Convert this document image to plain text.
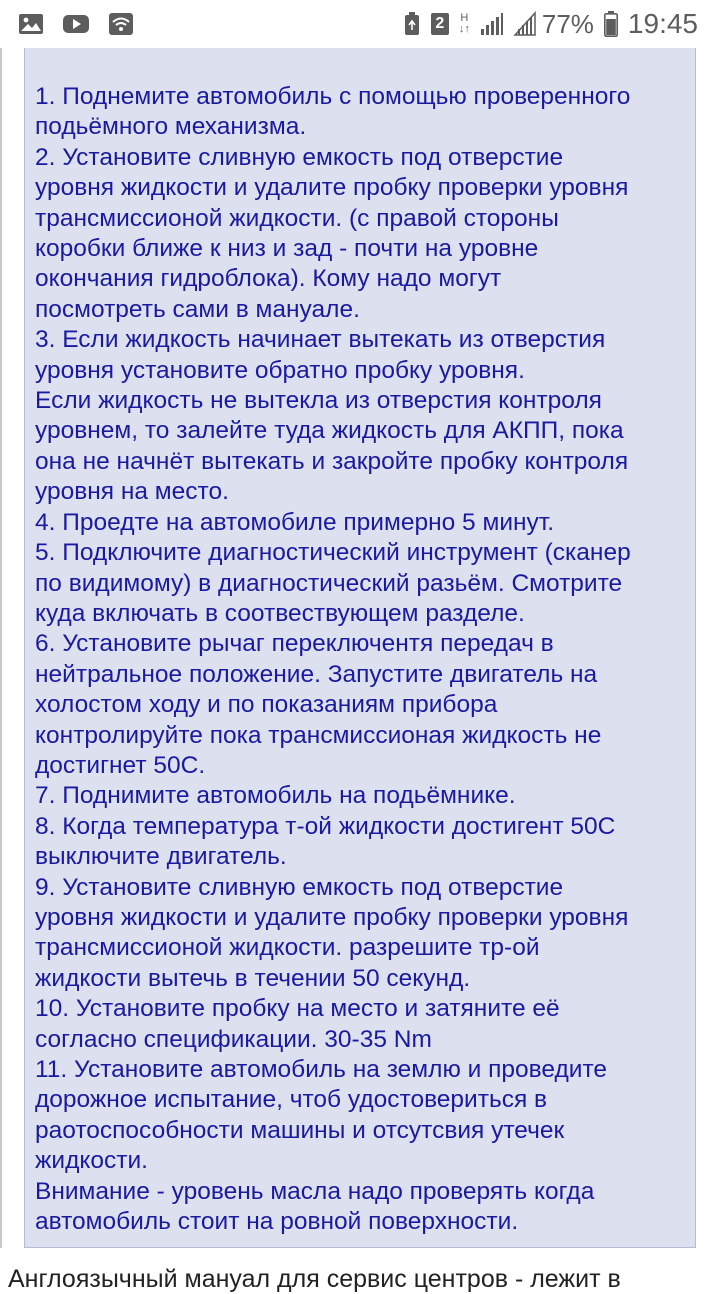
1. Поднемите автомобиль с помощью проверенного
подьёмного механизма.
2. Установите сливную емкость под отверстие
уровня жидкости и удалите пробку проверки уровня
трансмиссионой жидкости. (с правой стороны
коробки ближе к низ и зад - почти на уровне
окончания гидроблока). Кому надо могут
посмотреть сами в мануале.
3. Если жидкость начинает вытекать из отверстия
уровня установите обратно пробку уровня.
Если жидкость не вытекла из отверстия контроля
уровнем, то залейте туда жидкость для АКПП, пока
она не начнёт вытекать и закройте пробку контроля
уровня на место.
4. Проедте на автомобиле примерно 5 минут.
5. Подключите диагностический инструмент (сканер
по видимому) в диагностический разьём. Смотрите
куда включать в соотвествующем разделе.
6. Установите рычаг переключентя передач в
нейтральное положение. Запустите двигатель на
холостом ходу и по показаниям прибора
контролируйте пока трансмиссионая жидкость не
достигнет 50С.
7. Поднимите автомобиль на подьёмнике.
8. Когда температура т-ой жидкости достигент 50С
выключите двигатель.
9. Установите сливную емкость под отверстие
уровня жидкости и удалите пробку проверки уровня
трансмиссионой жидкости. разрешите тр-ой
жидкости вытечь в течении 50 секунд.
10. Установите пробку на место и затяните её
согласно спецификации. 30-35 Nm
11. Установите автомобиль на землю и проведите
дорожное испытание, чтоб удостовериться в
раотоспособности машины и отсутсвия утечек
жидкости.
Внимание - уровень масла надо проверять когда
автомобиль стоит на ровной поверхности.
Англоязычный мануал для сервис центров - лежит в
2	H
↓↑	77% 19:45
